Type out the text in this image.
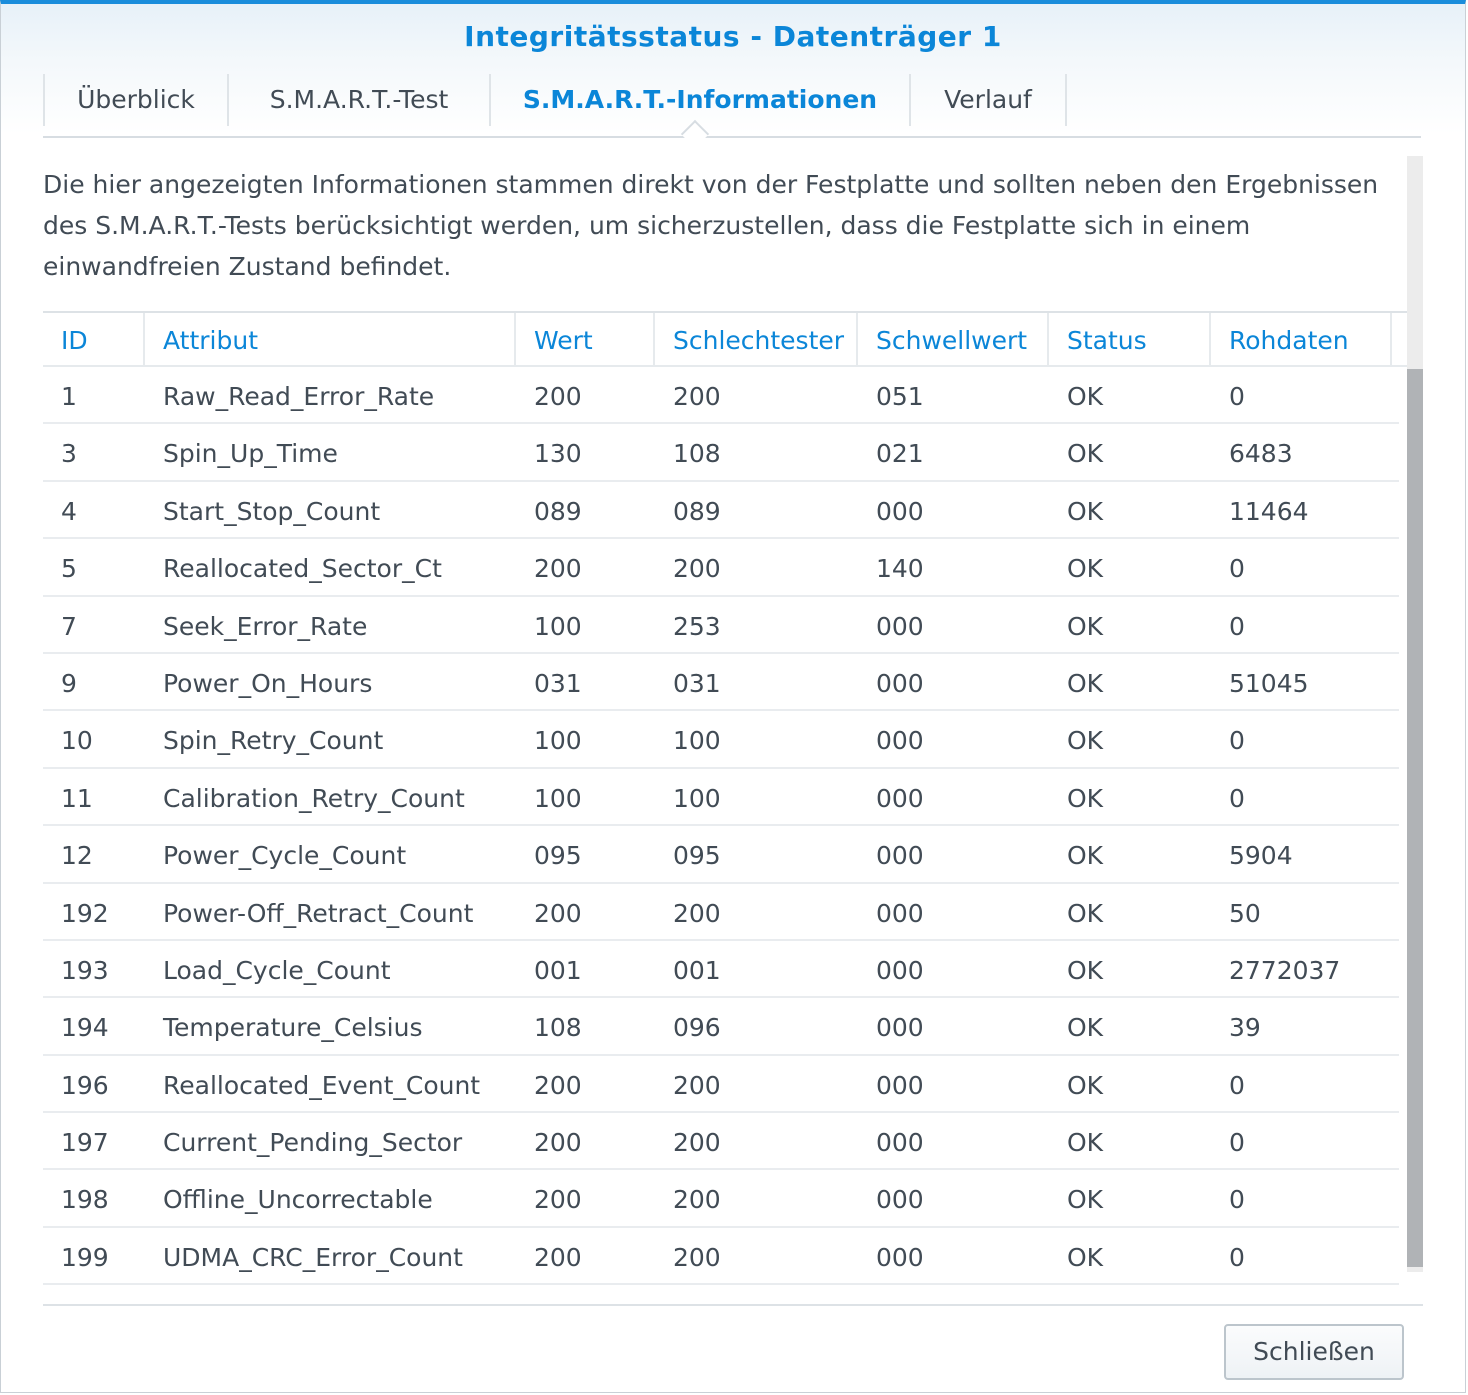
Integritätsstatus - Datenträger 1
Überblick	S.M.A.R.T.-Test	S.M.A.R.T.-Informationen	Verlauf
Die hier angezeigten Informationen stammen direkt von der Festplatte und sollten neben den Ergebnissen des S.M.A.R.T.-Tests berücksichtigt werden, um sicherzustellen, dass die Festplatte sich in einem einwandfreien Zustand befindet.
ID	Attribut	Wert	Schlechtester	Schwellwert	Status	Rohdaten
1	Raw_Read_Error_Rate	200	200	051	OK	0
3	Spin_Up_Time	130	108	021	OK	6483
4	Start_Stop_Count	089	089	000	OK	11464
5	Reallocated_Sector_Ct	200	200	140	OK	0
7	Seek_Error_Rate	100	253	000	OK	0
9	Power_On_Hours	031	031	000	OK	51045
10	Spin_Retry_Count	100	100	000	OK	0
11	Calibration_Retry_Count	100	100	000	OK	0
12	Power_Cycle_Count	095	095	000	OK	5904
192	Power-Off_Retract_Count	200	200	000	OK	50
193	Load_Cycle_Count	001	001	000	OK	2772037
194	Temperature_Celsius	108	096	000	OK	39
196	Reallocated_Event_Count	200	200	000	OK	0
197	Current_Pending_Sector	200	200	000	OK	0
198	Offline_Uncorrectable	200	200	000	OK	0
199	UDMA_CRC_Error_Count	200	200	000	OK	0
Schließen
